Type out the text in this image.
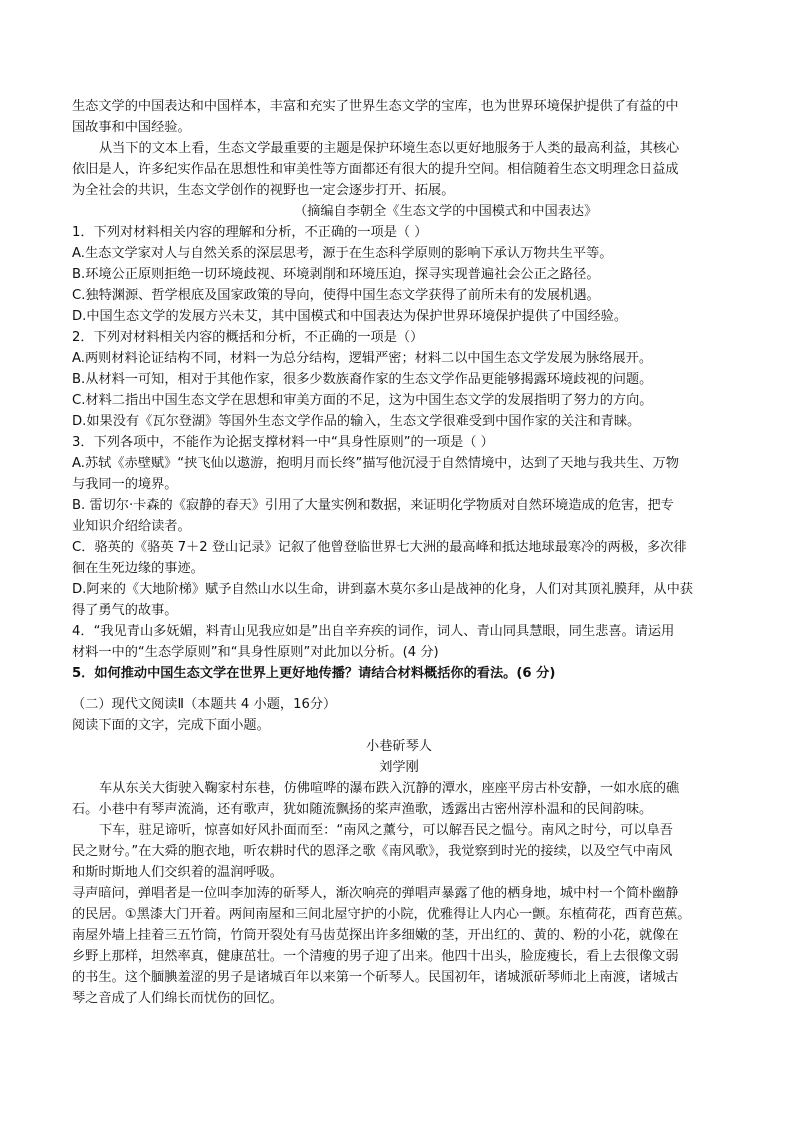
生态文学的中国表达和中国样本，丰富和充实了世界生态文学的宝库，也为世界环境保护提供了有益的中
国故事和中国经验。
从当下的文本上看，生态文学最重要的主题是保护环境生态以更好地服务于人类的最高利益，其核心
依旧是人，许多纪实作品在思想性和审美性等方面都还有很大的提升空间。相信随着生态文明理念日益成
为全社会的共识，生态文学创作的视野也一定会逐步打开、拓展。
（摘编自李朝全《生态文学的中国模式和中国表达》
1．下列对材料相关内容的理解和分析，不正确的一项是（ ）
A.生态文学家对人与自然关系的深层思考，源于在生态科学原则的影响下承认万物共生平等。
B.环境公正原则拒绝一切环境歧视、环境剥削和环境压迫，探寻实现普遍社会公正之路径。
C.独特渊源、哲学根底及国家政策的导向，使得中国生态文学获得了前所未有的发展机遇。
D.中国生态文学的发展方兴未艾，其中国模式和中国表达为保护世界环境保护提供了中国经验。
2．下列对材料相关内容的概括和分析，不正确的一项是（）
A.两则材料论证结构不同，材料一为总分结构，逻辑严密；材料二以中国生态文学发展为脉络展开。
B.从材料一可知，相对于其他作家，很多少数族裔作家的生态文学作品更能够揭露环境歧视的问题。
C.材料二指出中国生态文学在思想和审美方面的不足，这为中国生态文学的发展指明了努力的方向。
D.如果没有《瓦尔登湖》等国外生态文学作品的输入，生态文学很难受到中国作家的关注和青睐。
3．下列各项中，不能作为论据支撑材料一中“具身性原则”的一项是（ ）
A.苏轼《赤壁赋》“挟飞仙以遨游，抱明月而长终”描写他沉浸于自然情境中，达到了天地与我共生、万物
与我同一的境界。
B. 雷切尔·卡森的《寂静的春天》引用了大量实例和数据，来证明化学物质对自然环境造成的危害，把专
业知识介绍给读者。
C．骆英的《骆英 7＋2 登山记录》记叙了他曾登临世界七大洲的最高峰和抵达地球最寒冷的两极，多次徘
徊在生死边缘的事迹。
D.阿来的《大地阶梯》赋予自然山水以生命，讲到嘉木莫尔多山是战神的化身，人们对其顶礼膜拜，从中获
得了勇气的故事。
4．“我见青山多妩媚，料青山见我应如是”出自辛弃疾的词作，词人、青山同具慧眼，同生悲喜。请运用
材料一中的“生态学原则”和“具身性原则”对此加以分析。(4 分)
5．如何推动中国生态文学在世界上更好地传播？请结合材料概括你的看法。(6 分)
（二）现代文阅读Ⅱ（本题共 4 小题，16分）
阅读下面的文字，完成下面小题。
小巷斫琴人
刘学刚
车从东关大街驶入鞠家村东巷，仿佛喧哗的瀑布跌入沉静的潭水，座座平房古朴安静，一如水底的礁
石。小巷中有琴声流淌，还有歌声，犹如随流飘扬的桨声渔歌，透露出古密州淳朴温和的民间韵味。
下车，驻足谛听，惊喜如好风扑面而至：“南风之薰兮，可以解吾民之愠兮。南风之时兮，可以阜吾
民之财兮。”在大舜的胞衣地，听农耕时代的恩泽之歌《南风歌》，我觉察到时光的接续，以及空气中南风
和斯时斯地人们交织着的温润呼吸。
寻声暗问，弹唱者是一位叫李加涛的斫琴人，渐次响亮的弹唱声暴露了他的栖身地，城中村一个简朴幽静
的民居。①黑漆大门开着。两间南屋和三间北屋守护的小院，优雅得让人内心一颤。东植荷花，西育芭蕉。
南屋外墙上挂着三五竹筒，竹筒开裂处有马齿苋探出许多细嫩的茎，开出红的、黄的、粉的小花，就像在
乡野上那样，坦然率真，健康茁壮。一个清瘦的男子迎了出来。他四十出头，脸庞瘦长，看上去很像文弱
的书生。这个腼腆羞涩的男子是诸城百年以来第一个斫琴人。民国初年，诸城派斫琴师北上南渡，诸城古
琴之音成了人们绵长而忧伤的回忆。
